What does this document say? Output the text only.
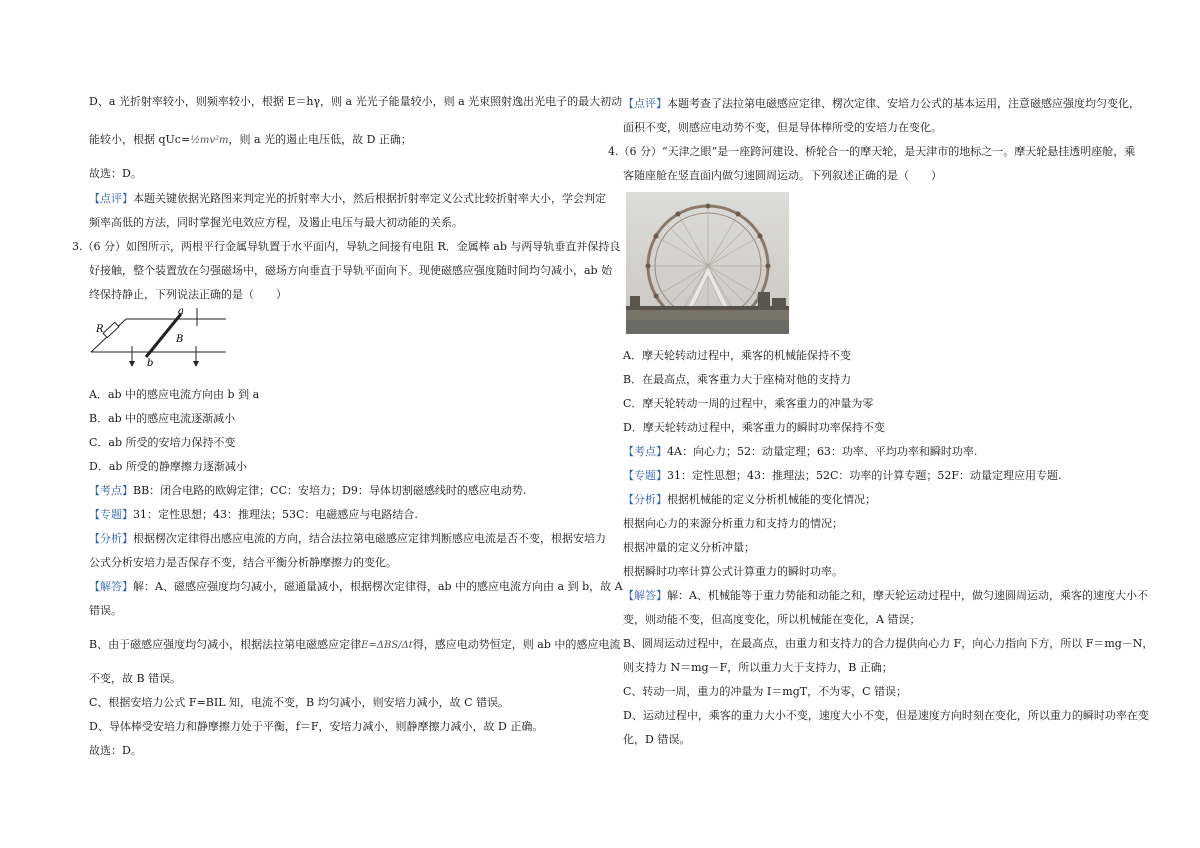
D、a 光折射率较小，则频率较小，根据 E＝hγ，则 a 光光子能量较小，则 a 光束照射逸出光电子的最大初动
能较小，根据 qUc=½mv²m，则 a 光的遏止电压低，故 D 正确；
故选：D。
【点评】本题关键依据光路图来判定光的折射率大小，然后根据折射率定义公式比较折射率大小，学会判定
频率高低的方法，同时掌握光电效应方程，及遏止电压与最大初动能的关系。
3.（6 分）如图所示，两根平行金属导轨置于水平面内，导轨之间接有电阻 R．金属棒 ab 与两导轨垂直并保持良
好接触，整个装置放在匀强磁场中，磁场方向垂直于导轨平面向下。现使磁感应强度随时间均匀减小，ab 始
终保持静止，下列说法正确的是（　　）
R
a
b
B
A．ab 中的感应电流方向由 b 到 a
B．ab 中的感应电流逐渐减小
C．ab 所受的安培力保持不变
D．ab 所受的静摩擦力逐渐减小
【考点】BB：闭合电路的欧姆定律；CC：安培力；D9：导体切割磁感线时的感应电动势.
【专题】31：定性思想；43：推理法；53C：电磁感应与电路结合.
【分析】根据楞次定律得出感应电流的方向，结合法拉第电磁感应定律判断感应电流是否不变，根据安培力
公式分析安培力是否保存不变，结合平衡分析静摩擦力的变化。
【解答】解：A、磁感应强度均匀减小，磁通量减小，根据楞次定律得，ab 中的感应电流方向由 a 到 b，故 A
错误。
B、由于磁感应强度均匀减小，根据法拉第电磁感应定律E=ΔBS/Δt得，感应电动势恒定，则 ab 中的感应电流
不变，故 B 错误。
C、根据安培力公式 F=BIL 知，电流不变，B 均匀减小，则安培力减小，故 C 错误。
D、导体棒受安培力和静摩擦力处于平衡，f＝F，安培力减小，则静摩擦力减小，故 D 正确。
故选：D。
【点评】本题考查了法拉第电磁感应定律、楞次定律、安培力公式的基本运用，注意磁感应强度均匀变化，
面积不变，则感应电动势不变，但是导体棒所受的安培力在变化。
4.（6 分）“天津之眼”是一座跨河建设、桥轮合一的摩天轮，是天津市的地标之一。摩天轮悬挂透明座舱，乘
客随座舱在竖直面内做匀速圆周运动。下列叙述正确的是（　　）
A．摩天轮转动过程中，乘客的机械能保持不变
B．在最高点，乘客重力大于座椅对他的支持力
C．摩天轮转动一周的过程中，乘客重力的冲量为零
D．摩天轮转动过程中，乘客重力的瞬时功率保持不变
【考点】4A：向心力；52：动量定理；63：功率、平均功率和瞬时功率.
【专题】31：定性思想；43：推理法；52C：功率的计算专题；52F：动量定理应用专题.
【分析】根据机械能的定义分析机械能的变化情况；
根据向心力的来源分析重力和支持力的情况；
根据冲量的定义分析冲量；
根据瞬时功率计算公式计算重力的瞬时功率。
【解答】解：A、机械能等于重力势能和动能之和，摩天轮运动过程中，做匀速圆周运动，乘客的速度大小不
变，则动能不变，但高度变化，所以机械能在变化，A 错误；
B、圆周运动过程中，在最高点，由重力和支持力的合力提供向心力 F，向心力指向下方，所以 F＝mg－N，
则支持力 N＝mg－F，所以重力大于支持力，B 正确；
C、转动一周，重力的冲量为 I＝mgT，不为零，C 错误；
D、运动过程中，乘客的重力大小不变，速度大小不变，但是速度方向时刻在变化，所以重力的瞬时功率在变
化，D 错误。
